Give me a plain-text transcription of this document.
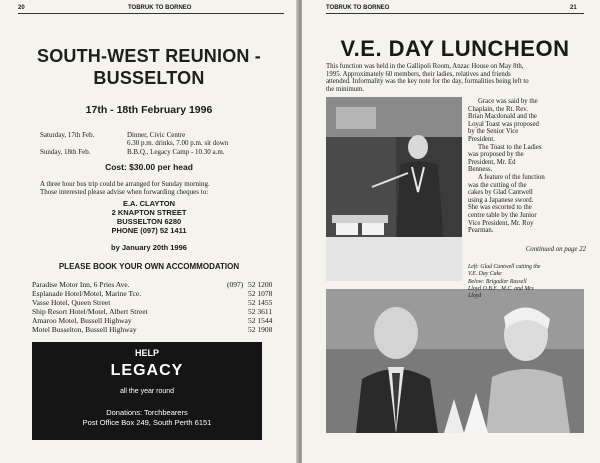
20	TOBRUK TO BORNEO
SOUTH-WEST REUNION -
BUSSELTON
17th - 18th February 1996
Saturday, 17th Feb.	Dinner, Civic Centre
6.30 p.m. drinks, 7.00 p.m. sit down
Sunday, 18th Feb.	B.B.Q., Legacy Camp - 10.30 a.m.
Cost: $30.00 per head
A three hour bus trip could be arranged for Sunday morning.
Those interested please advise when forwarding cheques to:
E.A. CLAYTON
2 KNAPTON STREET
BUSSELTON 6280
PHONE (097) 52 1411
by January 20th 1996
PLEASE BOOK YOUR OWN ACCOMMODATION
Paradise Motor Inn, 6 Pries Ave.	(097) 52 1200
Esplanade Hotel/Motel, Marine Tce.	52 1078
Vasse Hotel, Queen Street	52 1455
Ship Resort Hotel/Motel, Albert Street	52 3611
Amaroo Motel, Bussell Highway	52 1544
Motel Busselton, Bussell Highway	52 1908
HELP
LEGACY
all the year round
Donations: Torchbearers
Post Office Box 249, South Perth 6151
TOBRUK TO BORNEO	21
V.E. DAY LUNCHEON
This function was held in the Gallipoli Room, Anzac House on May 8th,
1995. Approximately 60 members, their ladies, relatives and friends
attended. Informality was the key note for the day, formalities being left to
the minimum.
Grace was said by the
Chaplain, the Rt. Rev.
Brian Macdonald and the
Loyal Toast was proposed
by the Senior Vice
President.
The Toast to the Ladies
was proposed by the
President, Mr. Ed
Benness.
A feature of the function
was the cutting of the
cakes by Glad Cantwell
using a Japanese sword.
She was escorted to the
centre table by the Junior
Vice President, Mr. Roy
Pearman.
Continued on page 22
Left: Glad Cantwell cutting the
V.E. Day Cake
Below: Brigadier Russell
Lloyd O.B.E., M.C. and Mrs
Lloyd
